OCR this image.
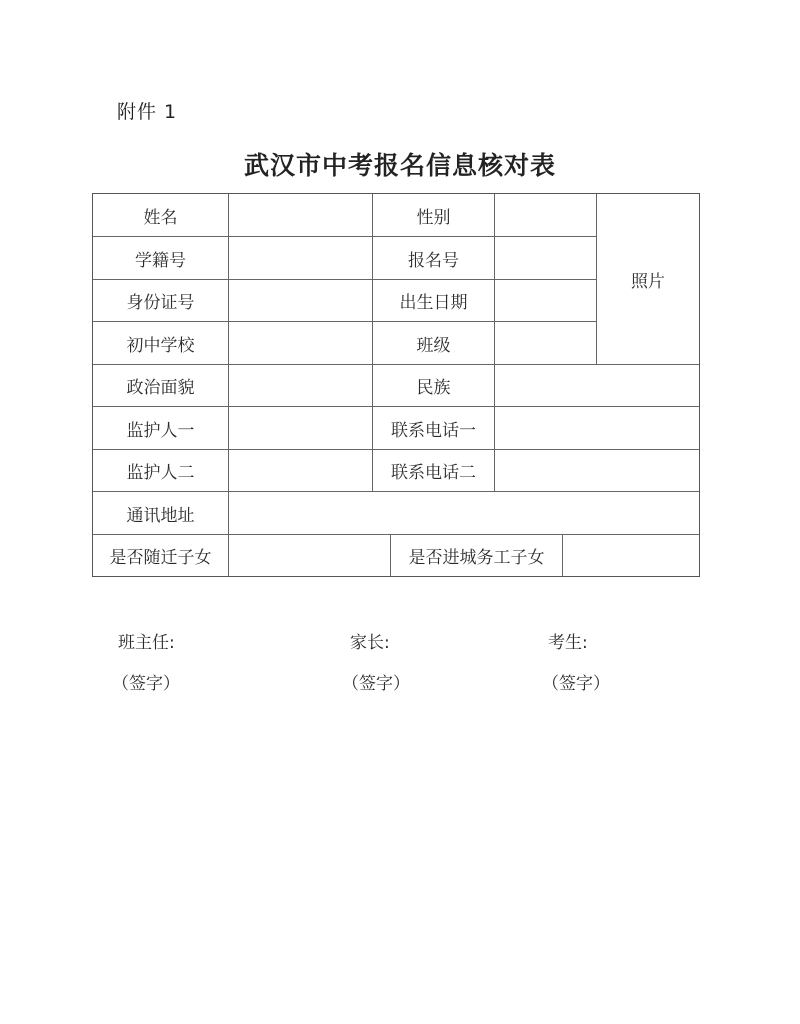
附件 1
武汉市中考报名信息核对表
姓名	性别
照片
学籍号	报名号
身份证号	出生日期
初中学校	班级
政治面貌	民族
监护人一	联系电话一
监护人二	联系电话二
通讯地址
是否随迁子女	是否进城务工子女
班主任:	家长:	考生:
（签字）	（签字）	（签字）
